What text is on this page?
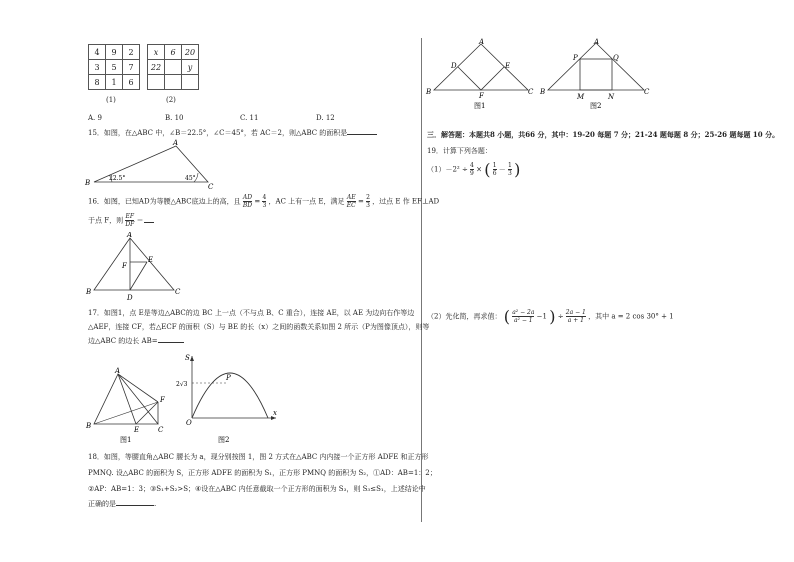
4	9	2
3	5	7
8	1	6
x	6	20
22		y

(1)	(2)
A. 9	B. 10	C. 11	D. 12
15．如图，在△ABC 中，∠B＝22.5°，∠C＝45°，若 AC＝2，则△ABC 的面积是
A
B	C
22.5°	45°
16．如图，已知AD为等腰△ABC底边上的高，且 $\frac{AD}{BD} = \frac{4}{3}$ ，AC 上有一点 E，满足 $\frac{AE}{EC} = \frac{2}{3}$ ，过点 E 作 EF⊥AD
于点 F，则 $\frac{EF}{DF}$ ＝
A
B	C
D
E
F
17．如图1，点 E是等边△ABC的边 BC 上一点（不与点 B、C 重合），连接 AE，以 AE 为边向右作等边
△AEF，连接 CF，若△ECF 的面积（S）与 BE 的长（x）之间的函数关系如图 2 所示（P为图像顶点），则等
边△ABC 的边长 AB=
A
B	C
E
F
图1
S
x
O
P
2√3
图2
18．如图，等腰直角△ABC 腰长为 a，现分别按图 1，图 2 方式在△ABC 内内接一个正方形 ADFE 和正方形
PMNQ. 设△ABC 的面积为 S，正方形 ADFE 的面积为 S₁，正方形 PMNQ 的面积为 S₂，①AD：AB=1：2；
②AP：AB=1：3；③S₁+S₂>S；④设在△ABC 内任意截取一个正方形的面积为 S₃，则 S₃≤S₁，上述结论中
正确的是	.
A
B	C
D	E
F
图1
A
B	C
P	Q
M	N
图2
三．解答题：本题共8 小题，共66 分，其中：19-20 每题 7 分；21-24 题每题 8 分；25-26 题每题 10 分。
19．计算下列各题：
$(1)-2^2 \div \frac{4}{9}$ × ( $\frac{1}{6} - \frac{1}{3}$ )
（2）先化简，再求值： ( $\frac{\text{a² − 2a}}{\text{a² − 1}} -1$ ) ÷ $\frac{2a - 1}{a + 1}$ ，其中 a = 2 cos 30° + 1
